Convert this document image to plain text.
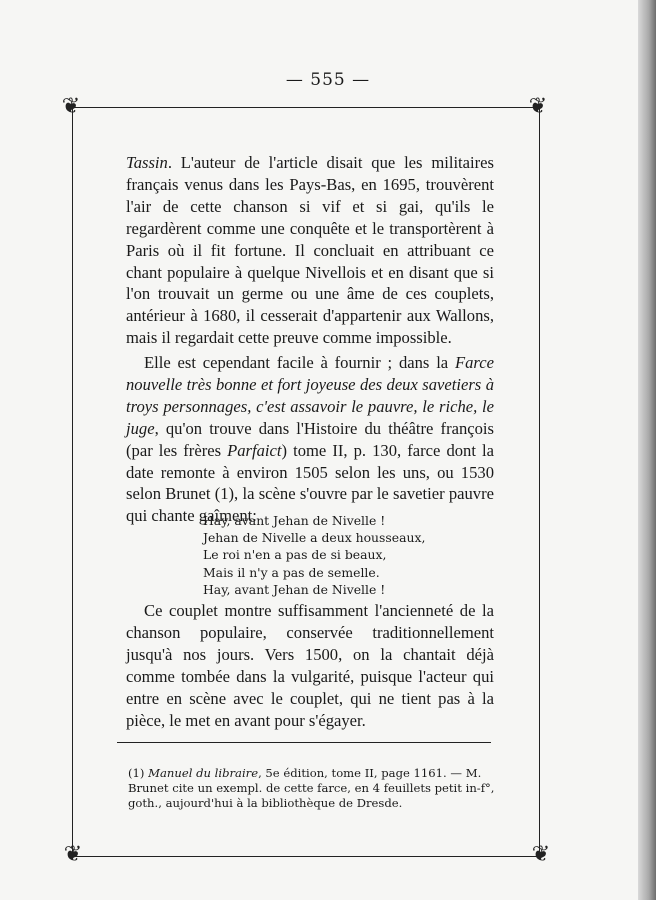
— 555 —
❦	❦
❦	❦

Tassin. L'auteur de l'article disait que les militaires français venus dans les Pays-Bas, en 1695, trouvèrent l'air de cette chanson si vif et si gai, qu'ils le regardèrent comme une conquête et le transportèrent à Paris où il fit fortune. Il concluait en attribuant ce chant populaire à quelque Nivellois et en disant que si l'on trouvait un germe ou une âme de ces couplets, antérieur à 1680, il cesserait d'appartenir aux Wallons, mais il regardait cette preuve comme impossible.

Elle est cependant facile à fournir ; dans la Farce nouvelle très bonne et fort joyeuse des deux savetiers à troys personnages, c'est assavoir le pauvre, le riche, le juge, qu'on trouve dans l'Histoire du théâtre françois (par les frères Parfaict) tome II, p. 130, farce dont la date remonte à environ 1505 selon les uns, ou 1530 selon Brunet (1), la scène s'ouvre par le savetier pauvre qui chante gaîment:

Hay, avant Jehan de Nivelle !
Jehan de Nivelle a deux housseaux,
Le roi n'en a pas de si beaux,
Mais il n'y a pas de semelle.
Hay, avant Jehan de Nivelle !

Ce couplet montre suffisamment l'ancienneté de la chanson populaire, conservée traditionnellement jusqu'à nos jours. Vers 1500, on la chantait déjà comme tombée dans la vulgarité, puisque l'acteur qui entre en scène avec le couplet, qui ne tient pas à la pièce, le met en avant pour s'égayer.

(1) Manuel du libraire, 5e édition, tome II, page 1161. — M. Brunet cite un exempl. de cette farce, en 4 feuillets petit in-f°, goth., aujourd'hui à la bibliothèque de Dresde.
